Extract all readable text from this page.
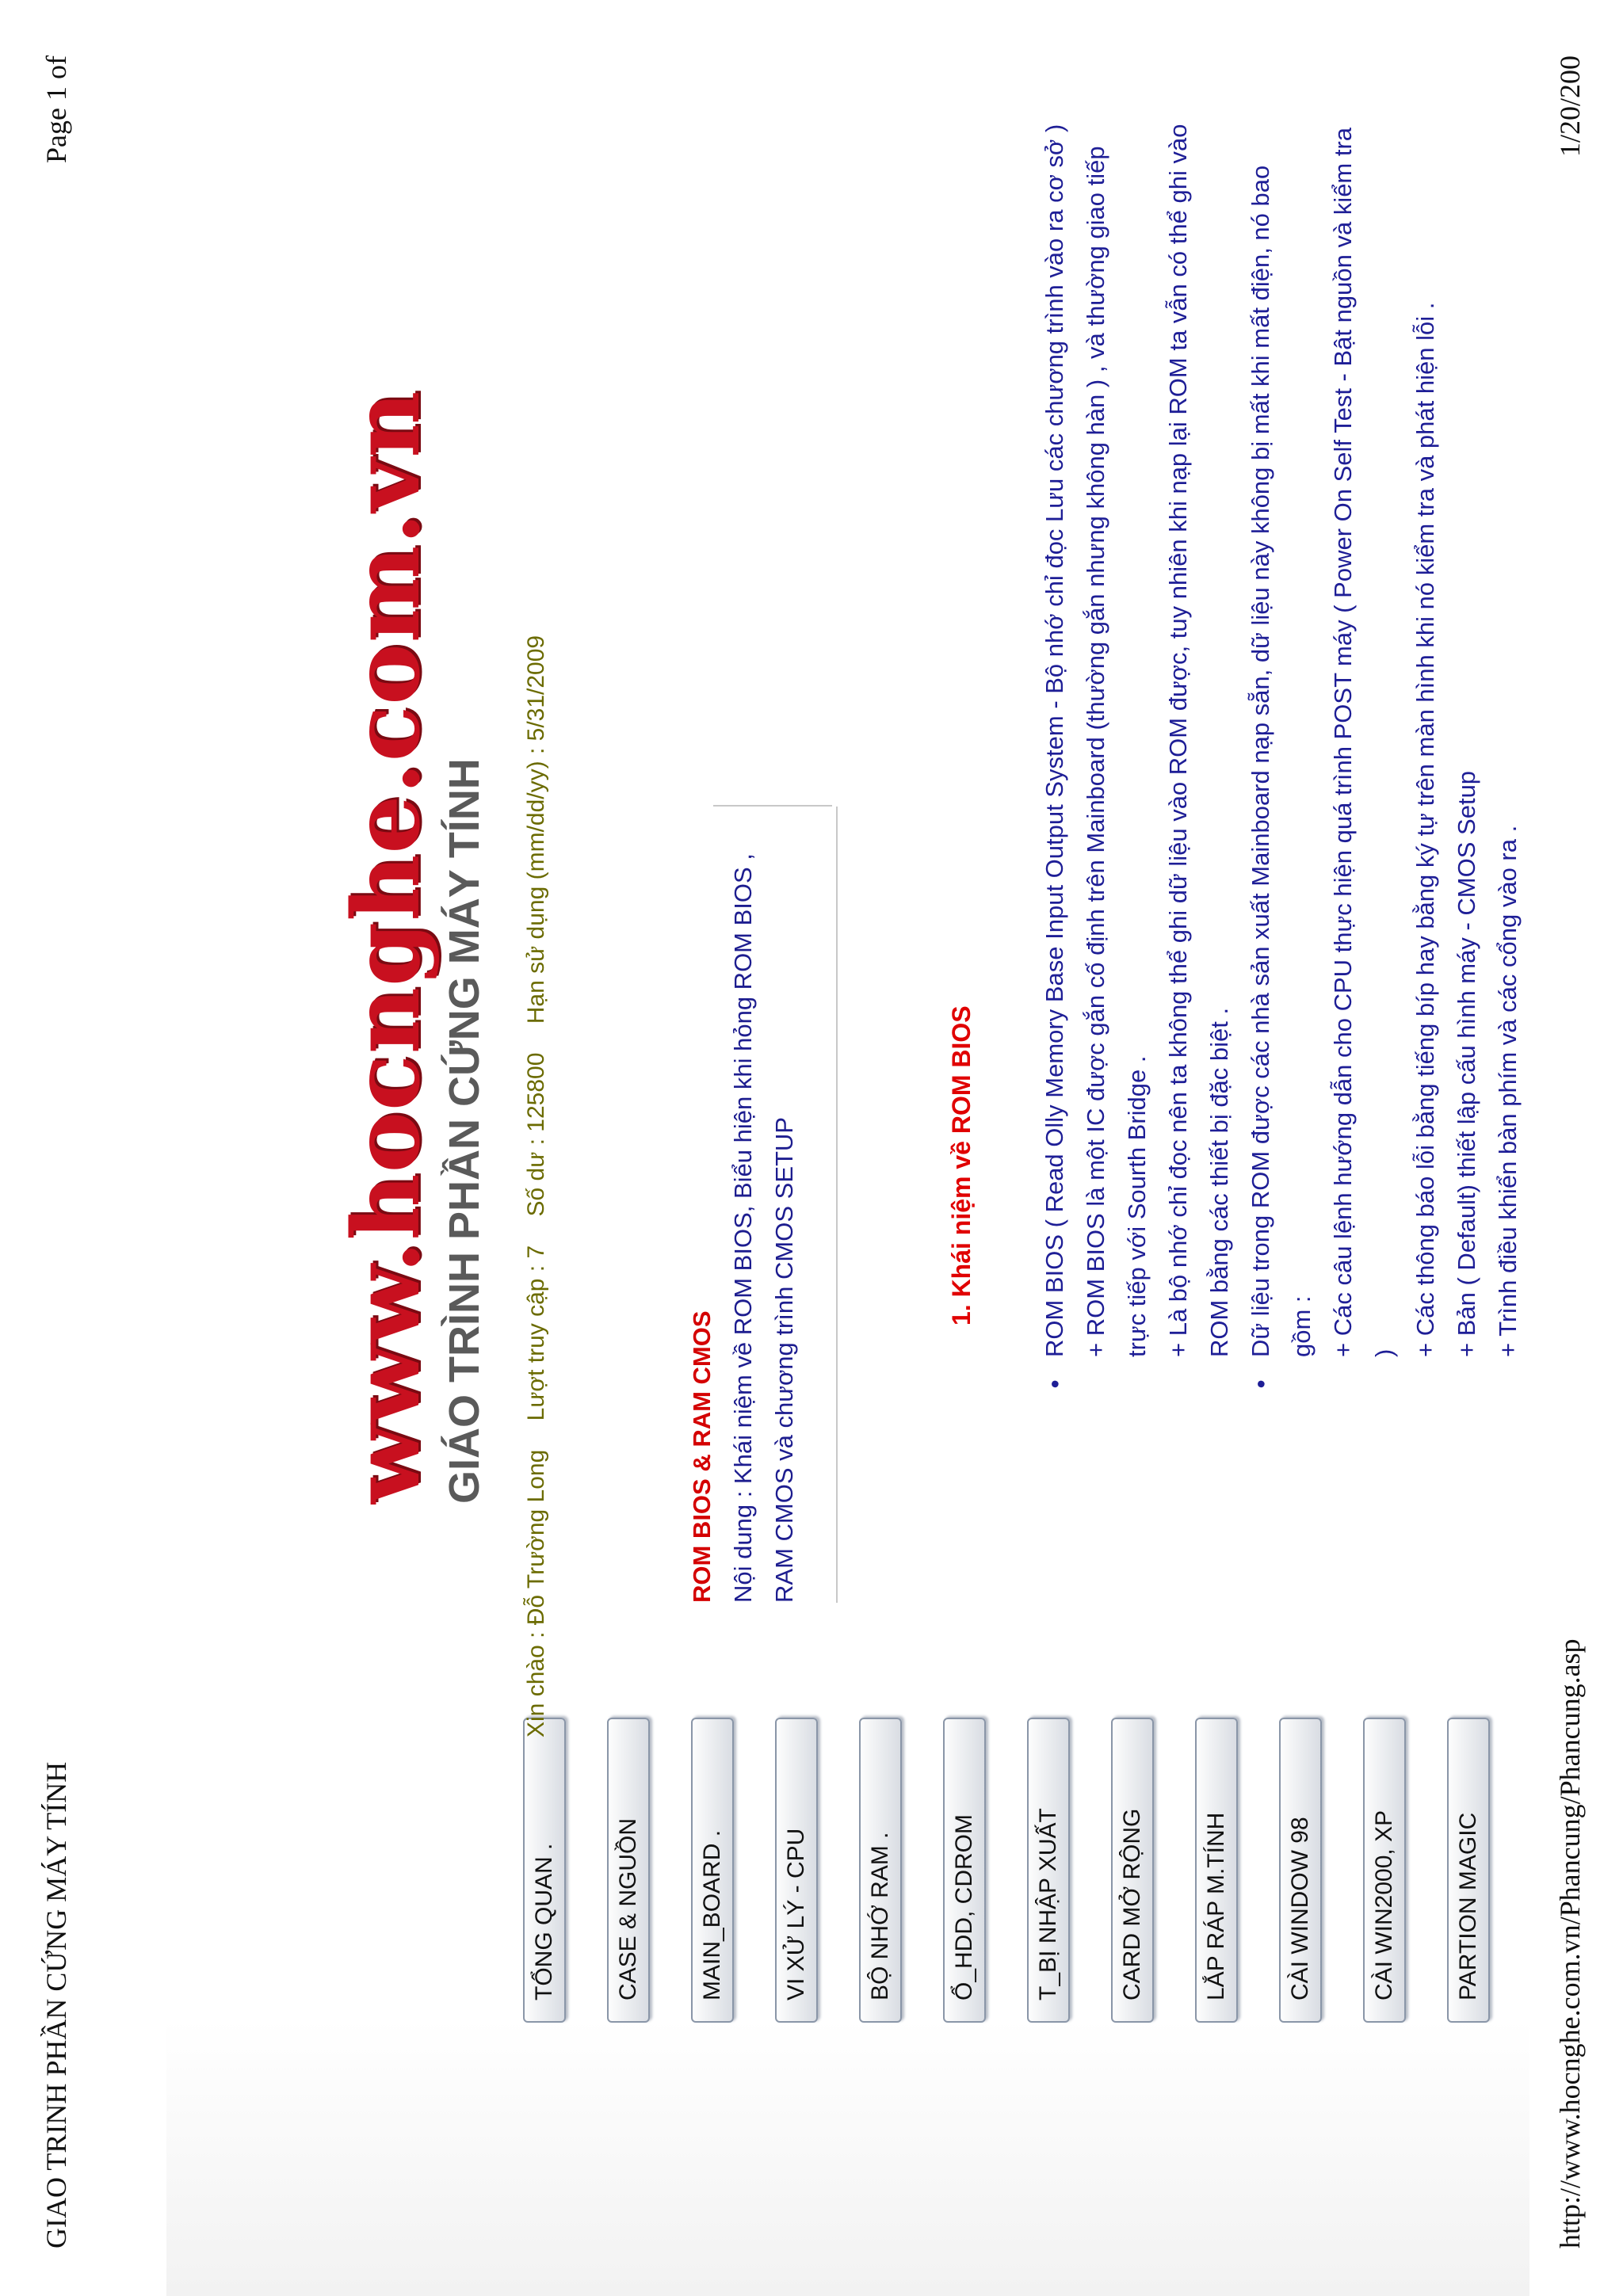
GIAO TRINH PHẦN CỨNG MÁY TÍNH
Page 1 of
TỔNG QUAN .	CASE & NGUỒN	MAIN_BOARD .	VI XỬ LÝ - CPU	BỘ NHỚ RAM .	Ổ_HDD, CDROM	T_BỊ NHẬP XUẤT	CARD MỞ RỘNG	LẮP RÁP M.TÍNH	CÀI WINDOW 98	CÀI WIN2000, XP	PARTION MAGIC
www.hocnghe.com.vn GIÁO TRÌNH PHẦN CỨNG MÁY TÍNH
Xin chào : Đỗ Trường Long Lượt truy cập : 7 Số dư : 125800 Hạn sử dụng (mm/dd/yy) : 5/31/2009
ROM BIOS & RAM CMOS Nội dung : Khái niệm về ROM BIOS, Biểu hiện khi hỏng ROM BIOS , RAM CMOS và chương trình CMOS SETUP	1. Khái niệm về ROM BIOS	● ROM BIOS ( Read Olly Memory Base Input Output System - Bộ nhớ chỉ đọc Lưu các chương trình vào ra cơ sở ) + ROM BIOS là một IC được gắn cố định trên Mainboard (thường gắn nhưng không hàn ) , và thường giao tiếp trực tiếp với Sourth Bridge . + Là bộ nhớ chỉ đọc nên ta không thể ghi dữ liệu vào ROM được, tuy nhiên khi nạp lại ROM ta vẫn có thể ghi vào ROM bằng các thiết bị đặc biệt . ● Dữ liệu trong ROM được các nhà sản xuất Mainboard nạp sẵn, dữ liệu này không bị mất khi mất điện, nó bao gồm : + Các câu lệnh hướng dẫn cho CPU thực hiện quá trình POST máy ( Power On Self Test - Bật nguồn và kiểm tra ) + Các thông báo lỗi bằng tiếng bíp hay bằng ký tự trên màn hình khi nó kiểm tra và phát hiện lỗi . + Bản ( Default) thiết lập cấu hình máy - CMOS Setup + Trình điều khiển bàn phím và các cổng vào ra .
http://www.hocnghe.com.vn/Phancung/Phancung.asp
1/20/200
